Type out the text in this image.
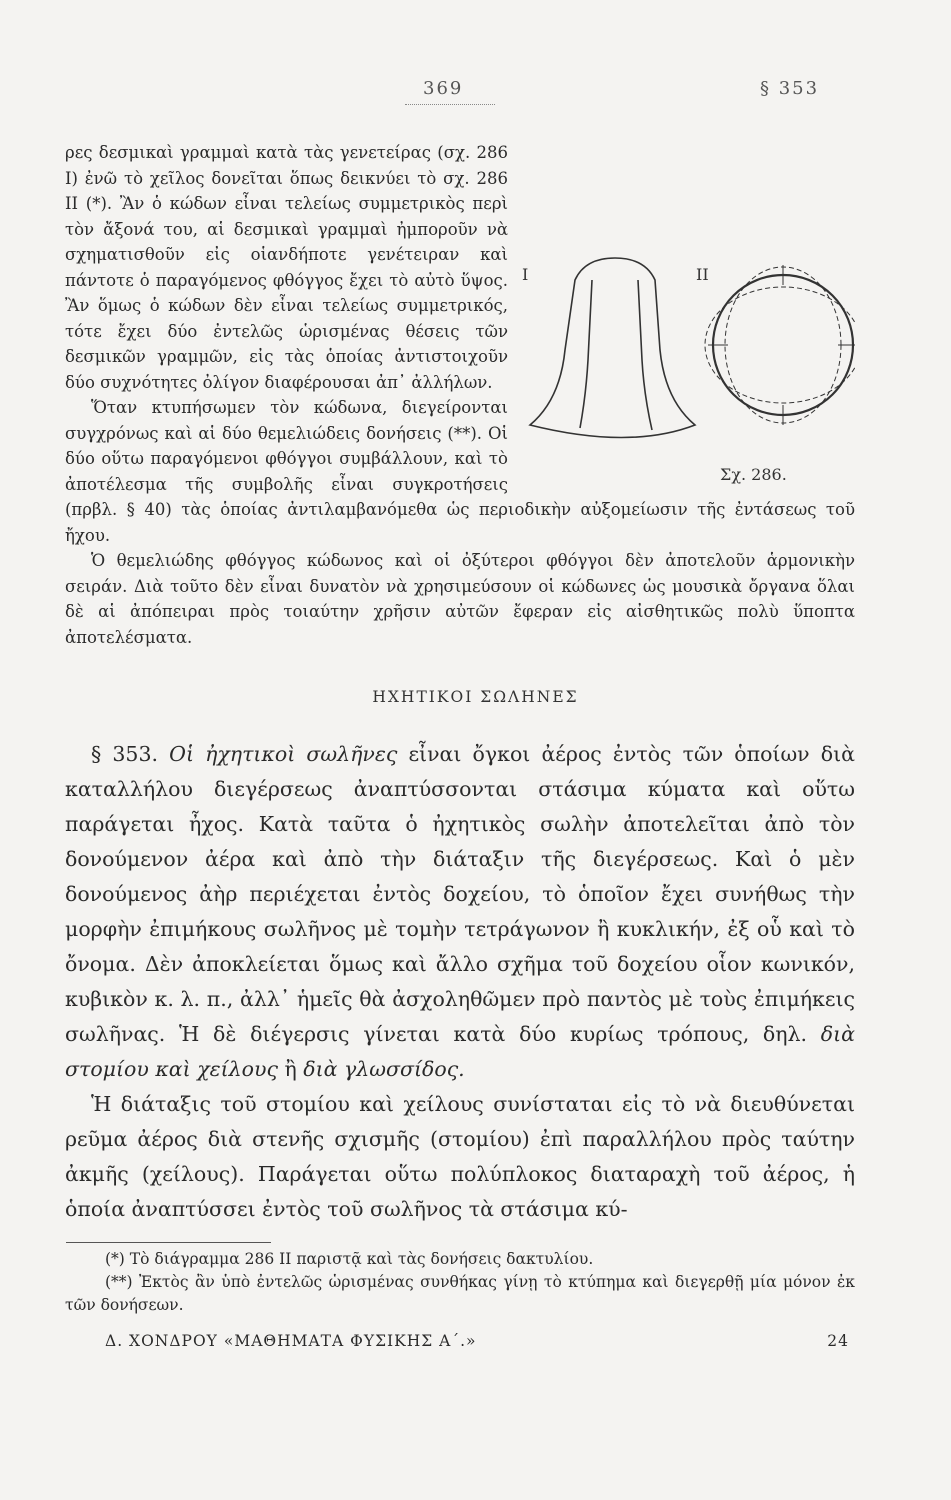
369	§ 353

I	II
Σχ. 286.
ρες δεσμικαὶ γραμμαὶ κατὰ τὰς γενετείρας (σχ. 286 I) ἐνῶ τὸ χεῖλος δονεῖται ὅπως δεικνύει τὸ σχ. 286 II (*). Ἂν ὁ κώδων εἶναι τελείως συμμετρικὸς περὶ τὸν ἄξονά του, αἱ δεσμικαὶ γραμμαὶ ἠμποροῦν νὰ σχηματισθοῦν εἰς οἱανδήποτε γενέτειραν καὶ πάντοτε ὁ παραγόμενος φθόγγος ἔχει τὸ αὐτὸ ὕψος. Ἂν ὅμως ὁ κώδων δὲν εἶναι τελείως συμμετρικός, τότε ἔχει δύο ἐντελῶς ὡρισμένας θέσεις τῶν δεσμικῶν γραμμῶν, εἰς τὰς ὁποίας ἀντιστοιχοῦν δύο συχνότητες ὀλίγον διαφέρουσαι ἀπ᾽ ἀλλήλων.

Ὅταν κτυπήσωμεν τὸν κώδωνα, διεγείρονται συγχρόνως καὶ αἱ δύο θεμελιώδεις δονήσεις (**). Οἱ δύο οὕτω παραγόμενοι φθόγγοι συμβάλλουν, καὶ τὸ ἀποτέλεσμα τῆς συμβολῆς εἶναι συγκροτήσεις (πρβλ. § 40) τὰς ὁποίας ἀντιλαμβανόμεθα ὡς περιοδικὴν αὐξομείωσιν τῆς ἐντάσεως τοῦ ἤχου.

Ὁ θεμελιώδης φθόγγος κώδωνος καὶ οἱ ὀξύτεροι φθόγγοι δὲν ἀποτελοῦν ἁρμονικὴν σειράν. Διὰ τοῦτο δὲν εἶναι δυνατὸν νὰ χρησιμεύσουν οἱ κώδωνες ὡς μουσικὰ ὄργανα ὅλαι δὲ αἱ ἀπόπειραι πρὸς τοιαύτην χρῆσιν αὐτῶν ἔφεραν εἰς αἰσθητικῶς πολὺ ὕποπτα ἀποτελέσματα.

ΗΧΗΤΙΚΟΙ ΣΩΛΗΝΕΣ

§ 353. Οἱ ἠχητικοὶ σωλῆνες εἶναι ὄγκοι ἀέρος ἐντὸς τῶν ὁποίων διὰ καταλλήλου διεγέρσεως ἀναπτύσσονται στάσιμα κύματα καὶ οὕτω παράγεται ἦχος. Κατὰ ταῦτα ὁ ἠχητικὸς σωλὴν ἀποτελεῖται ἀπὸ τὸν δονούμενον ἀέρα καὶ ἀπὸ τὴν διάταξιν τῆς διεγέρσεως. Καὶ ὁ μὲν δονούμενος ἀὴρ περιέχεται ἐντὸς δοχείου, τὸ ὁποῖον ἔχει συνήθως τὴν μορφὴν ἐπιμήκους σωλῆνος μὲ τομὴν τετράγωνον ἢ κυκλικήν, ἐξ οὗ καὶ τὸ ὄνομα. Δὲν ἀποκλείεται ὅμως καὶ ἄλλο σχῆμα τοῦ δοχείου οἷον κωνικόν, κυβικὸν κ. λ. π., ἀλλ᾽ ἡμεῖς θὰ ἀσχοληθῶμεν πρὸ παντὸς μὲ τοὺς ἐπιμήκεις σωλῆνας. Ἡ δὲ διέγερσις γίνεται κατὰ δύο κυρίως τρόπους, δηλ. διὰ στομίου καὶ χείλους ἢ διὰ γλωσσίδος.

Ἡ διάταξις τοῦ στομίου καὶ χείλους συνίσταται εἰς τὸ νὰ διευθύνεται ρεῦμα ἀέρος διὰ στενῆς σχισμῆς (στομίου) ἐπὶ παραλλήλου πρὸς ταύτην ἀκμῆς (χείλους). Παράγεται οὕτω πολύπλοκος διαταραχὴ τοῦ ἀέρος, ἡ ὁποία ἀναπτύσσει ἐντὸς τοῦ σωλῆνος τὰ στάσιμα κύ-

(*) Τὸ διάγραμμα 286 II παριστᾷ καὶ τὰς δονήσεις δακτυλίου.

(**) Ἐκτὸς ἂν ὑπὸ ἐντελῶς ὡρισμένας συνθήκας γίνῃ τὸ κτύπημα καὶ διεγερθῇ μία μόνον ἐκ τῶν δονήσεων.

Δ. ΧΟΝΔΡΟΥ «ΜΑΘΗΜΑΤΑ ΦΥΣΙΚΗΣ Α΄.»	24
